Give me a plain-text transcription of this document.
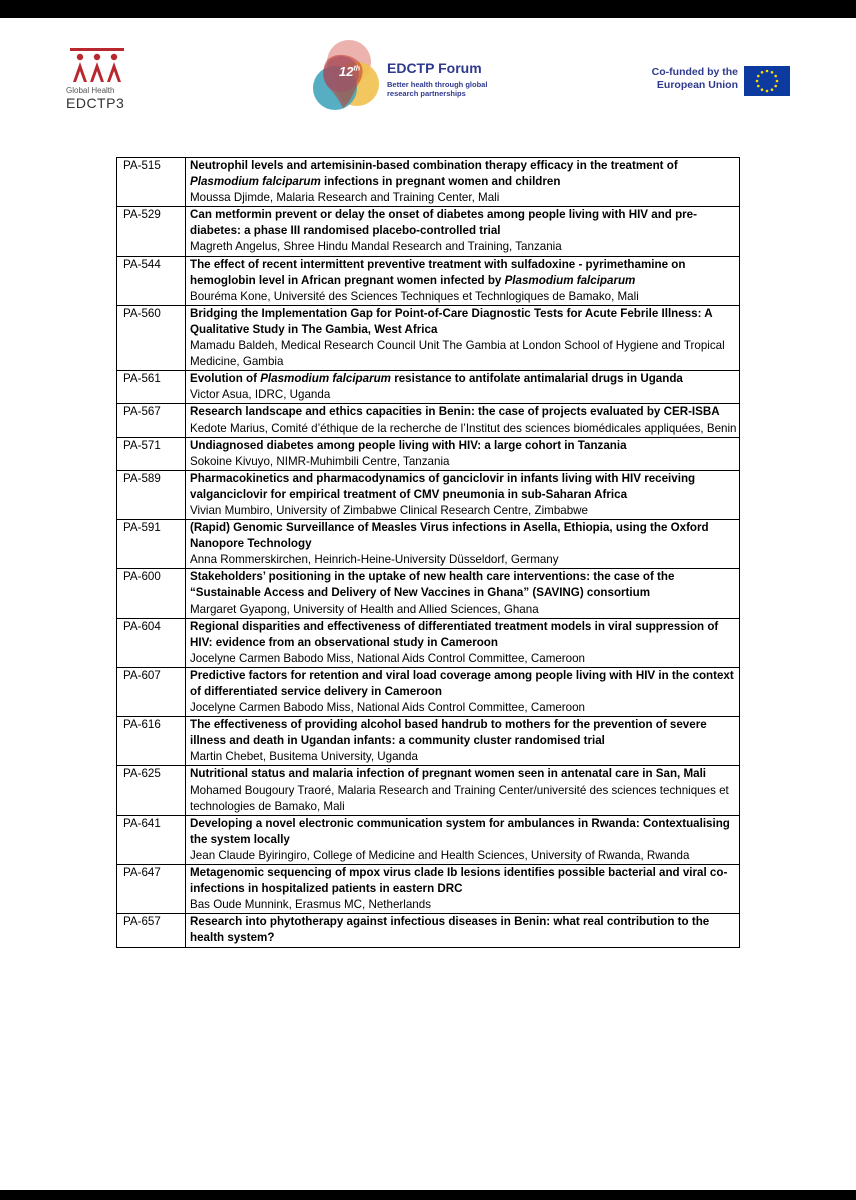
Global Health
EDCTP3
12th EDCTP Forum
Better health through global research partnerships
Co-funded by the European Union
PA-515	Neutrophil levels and artemisinin-based combination therapy efficacy in the treatment of Plasmodium falciparum infections in pregnant women and children
Moussa Djimde, Malaria Research and Training Center, Mali

PA-529	Can metformin prevent or delay the onset of diabetes among people living with HIV and pre-diabetes: a phase III randomised placebo-controlled trial
Magreth Angelus, Shree Hindu Mandal Research and Training, Tanzania

PA-544	The effect of recent intermittent preventive treatment with sulfadoxine - pyrimethamine on hemoglobin level in African pregnant women infected by Plasmodium falciparum
Bouréma Kone, Université des Sciences Techniques et Technlogiques de Bamako, Mali

PA-560	Bridging the Implementation Gap for Point-of-Care Diagnostic Tests for Acute Febrile Illness: A Qualitative Study in The Gambia, West Africa
Mamadu Baldeh, Medical Research Council Unit The Gambia at London School of Hygiene and Tropical Medicine, Gambia

PA-561	Evolution of Plasmodium falciparum resistance to antifolate antimalarial drugs in Uganda
Victor Asua, IDRC, Uganda

PA-567	Research landscape and ethics capacities in Benin: the case of projects evaluated by CER-ISBA
Kedote Marius, Comité d’éthique de la recherche de l’Institut des sciences biomédicales appliquées, Benin

PA-571	Undiagnosed diabetes among people living with HIV: a large cohort in Tanzania
Sokoine Kivuyo, NIMR-Muhimbili Centre, Tanzania

PA-589	Pharmacokinetics and pharmacodynamics of ganciclovir in infants living with HIV receiving valganciclovir for empirical treatment of CMV pneumonia in sub-Saharan Africa
Vivian Mumbiro, University of Zimbabwe Clinical Research Centre, Zimbabwe

PA-591	(Rapid) Genomic Surveillance of Measles Virus infections in Asella, Ethiopia, using the Oxford Nanopore Technology
Anna Rommerskirchen, Heinrich-Heine-University Düsseldorf, Germany

PA-600	Stakeholders’ positioning in the uptake of new health care interventions: the case of the “Sustainable Access and Delivery of New Vaccines in Ghana” (SAVING) consortium
Margaret Gyapong, University of Health and Allied Sciences, Ghana

PA-604	Regional disparities and effectiveness of differentiated treatment models in viral suppression of HIV: evidence from an observational study in Cameroon
Jocelyne Carmen Babodo Miss, National Aids Control Committee, Cameroon

PA-607	Predictive factors for retention and viral load coverage among people living with HIV in the context of differentiated service delivery in Cameroon
Jocelyne Carmen Babodo Miss, National Aids Control Committee, Cameroon

PA-616	The effectiveness of providing alcohol based handrub to mothers for the prevention of severe illness and death in Ugandan infants: a community cluster randomised trial
Martin Chebet, Busitema University, Uganda

PA-625	Nutritional status and malaria infection of pregnant women seen in antenatal care in San, Mali
Mohamed Bougoury Traoré, Malaria Research and Training Center/université des sciences techniques et technologies de Bamako, Mali

PA-641	Developing a novel electronic communication system for ambulances in Rwanda: Contextualising the system locally
Jean Claude Byiringiro, College of Medicine and Health Sciences, University of Rwanda, Rwanda

PA-647	Metagenomic sequencing of mpox virus clade Ib lesions identifies possible bacterial and viral co-infections in hospitalized patients in eastern DRC
Bas Oude Munnink, Erasmus MC, Netherlands

PA-657	Research into phytotherapy against infectious diseases in Benin: what real contribution to the health system?
